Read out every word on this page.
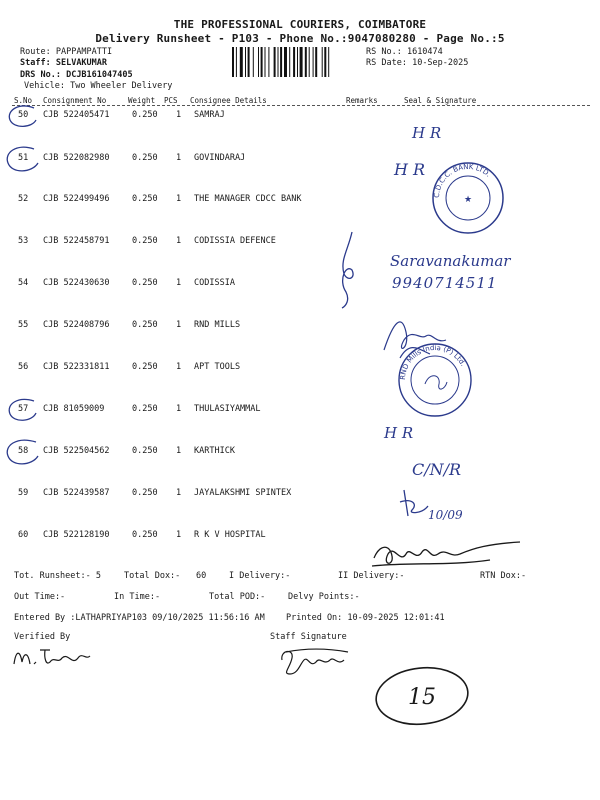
THE PROFESSIONAL COURIERS, COIMBATORE
Delivery Runsheet - P103 - Phone No.:9047080280 - Page No.:5
Route: PAPPAMPATTI
Staff: SELVAKUMAR
DRS No.: DCJB161047405
Vehicle: Two Wheeler Delivery
RS No.: 1610474
RS Date: 10-Sep-2025
S.No Consignment No	Weight PCS Consignee Details	Remarks	Seal & Signature
50 CJB 522405471	0.250 1 SAMRAJ
51 CJB 522082980	0.250 1 GOVINDARAJ
52 CJB 522499496	0.250 1 THE MANAGER CDCC BANK
53 CJB 522458791	0.250 1 CODISSIA DEFENCE
54 CJB 522430630	0.250 1 CODISSIA
55 CJB 522408796	0.250 1 RND MILLS
56 CJB 522331811	0.250 1 APT TOOLS
57 CJB 81059009	0.250 1 THULASIYAMMAL
58 CJB 522504562	0.250 1 KARTHICK
59 CJB 522439587	0.250 1 JAYALAKSHMI SPINTEX
60 CJB 522128190	0.250 1 R K V HOSPITAL
Tot. Runsheet:- 5	Total Dox:- 60	I Delivery:-	II Delivery:-	RTN Dox:-
Out Time:-	In Time:-	Total POD:-	Delvy Points:-
Entered By :LATHAPRIYAP103 09/10/2025 11:56:16 AM Printed On: 10-09-2025 12:01:41
Verified By	Staff Signature
H R
H R
C.D.C.C. BANK LTD.
★
Saravanakumar
9940714511
RND Mills India (P) Ltd.
H R
C/N/R
10/09
15
